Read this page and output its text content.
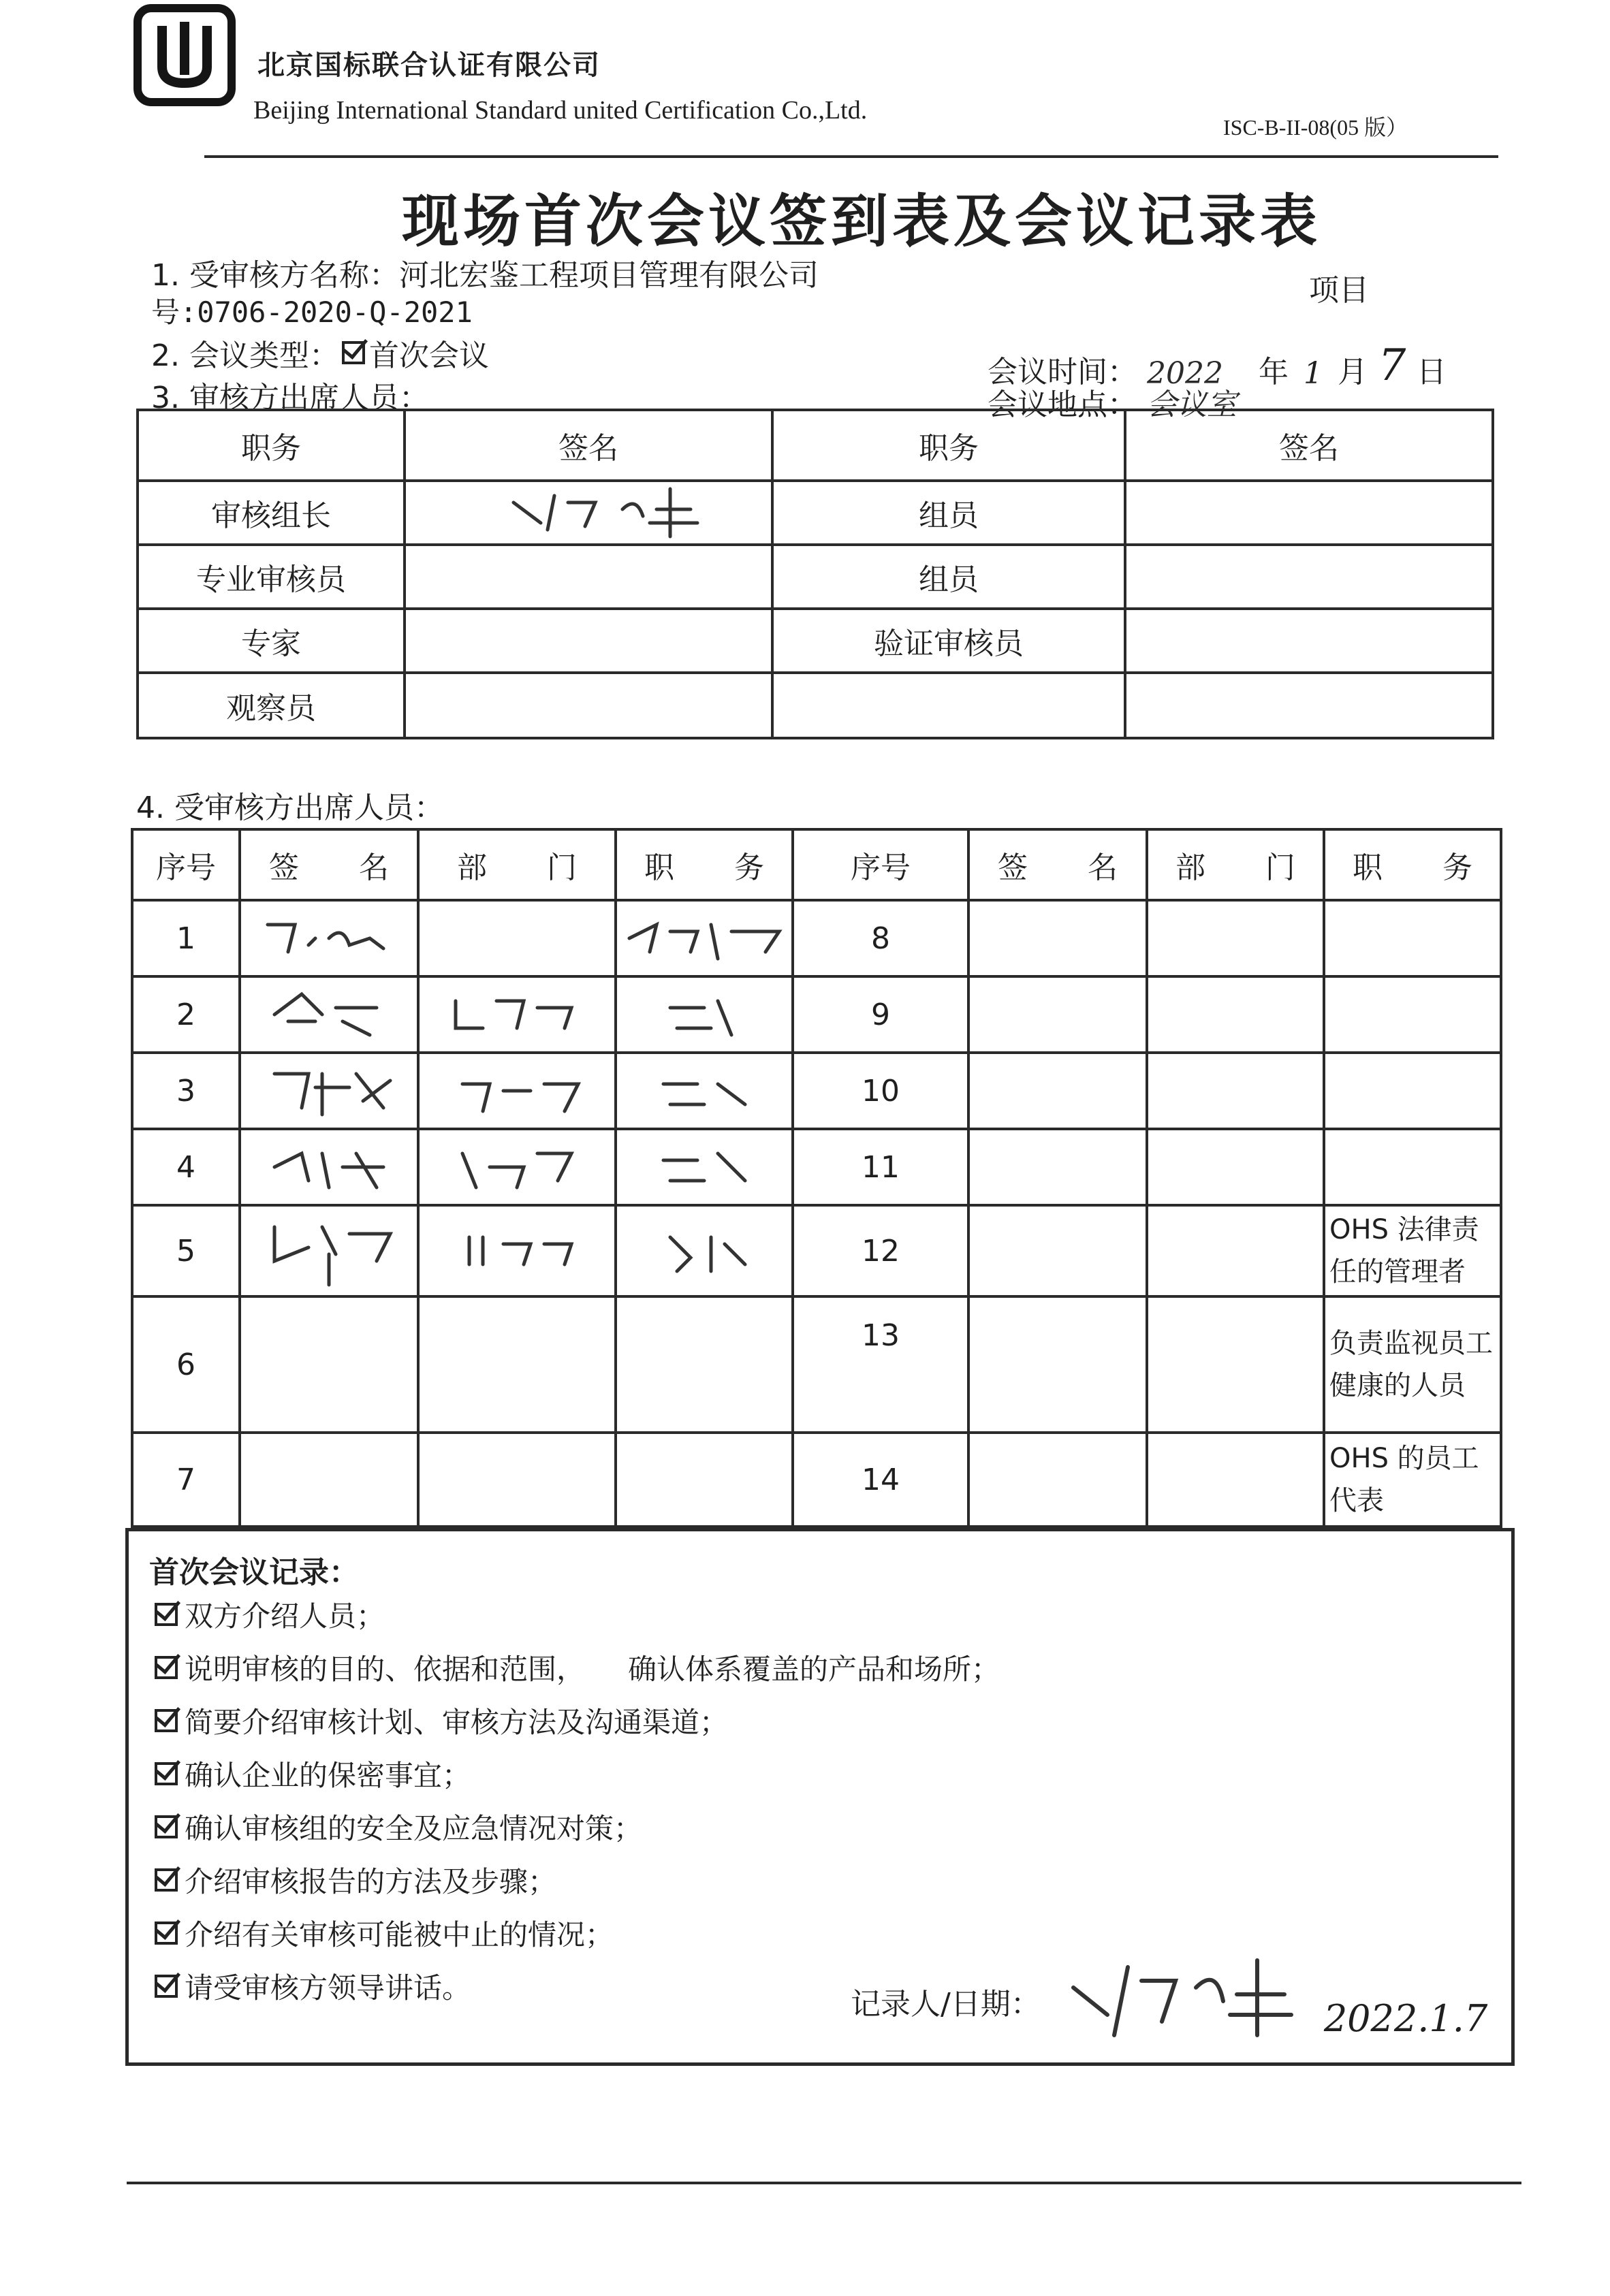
北京国标联合认证有限公司
Beijing International Standard united Certification Co.,Ltd.
ISC-B-II-08(05 版）
现场首次会议签到表及会议记录表
1. 受审核方名称：河北宏鉴工程项目管理有限公司	项目
号:0706-2020-Q-2021
2. 会议类型： 首次会议	会议时间： 2022	年 1 月 7 日
3. 审核方出席人员：	会议地点： 会议室
职务	签名	职务	签名
审核组长		组员	
专业审核员		组员	
专家		验证审核员	
观察员			
4. 受审核方出席人员：
序号	签　　名	部　　门	职　　务	序号	签　　名	部　　门	职　　务
1				8			
2				9			
3				10			
4				11			
5				12			OHS 法律责任的管理者
6				13			负责监视员工健康的人员
7				14			OHS 的员工代表
首次会议记录：
双方介绍人员；
说明审核的目的、依据和范围，　　确认体系覆盖的产品和场所；
简要介绍审核计划、审核方法及沟通渠道；
确认企业的保密事宜；
确认审核组的安全及应急情况对策；
介绍审核报告的方法及步骤；
介绍有关审核可能被中止的情况；
请受审核方领导讲话。	记录人/日期：	2022.1.7
